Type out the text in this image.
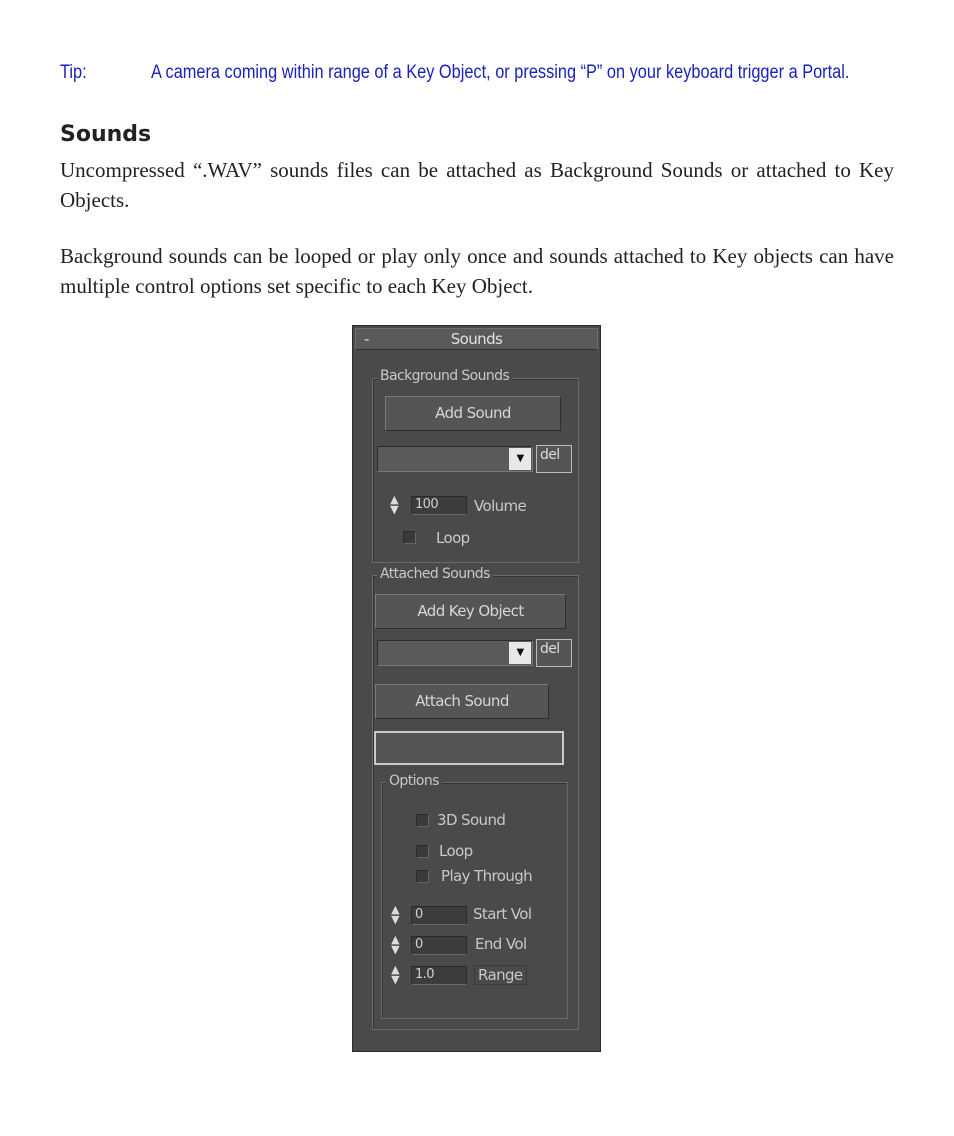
Tip:	A camera coming within range of a Key Object, or pressing “P” on your keyboard trigger a Portal.
Sounds
Uncompressed “.WAV” sounds files can be attached as Background Sounds or attached to Key Objects.
Background sounds can be looped or play only once and sounds attached to Key objects can have multiple control options set specific to each Key Object.
-	Sounds
Background Sounds
Add Sound
▼	del
▲
▼	100	Volume
Loop
Attached Sounds
Add Key Object
▼	del
Attach Sound
Options
3D Sound
Loop
Play Through
▲
▼	0	Start Vol
▲
▼	0	End Vol
▲
▼	1.0	Range
